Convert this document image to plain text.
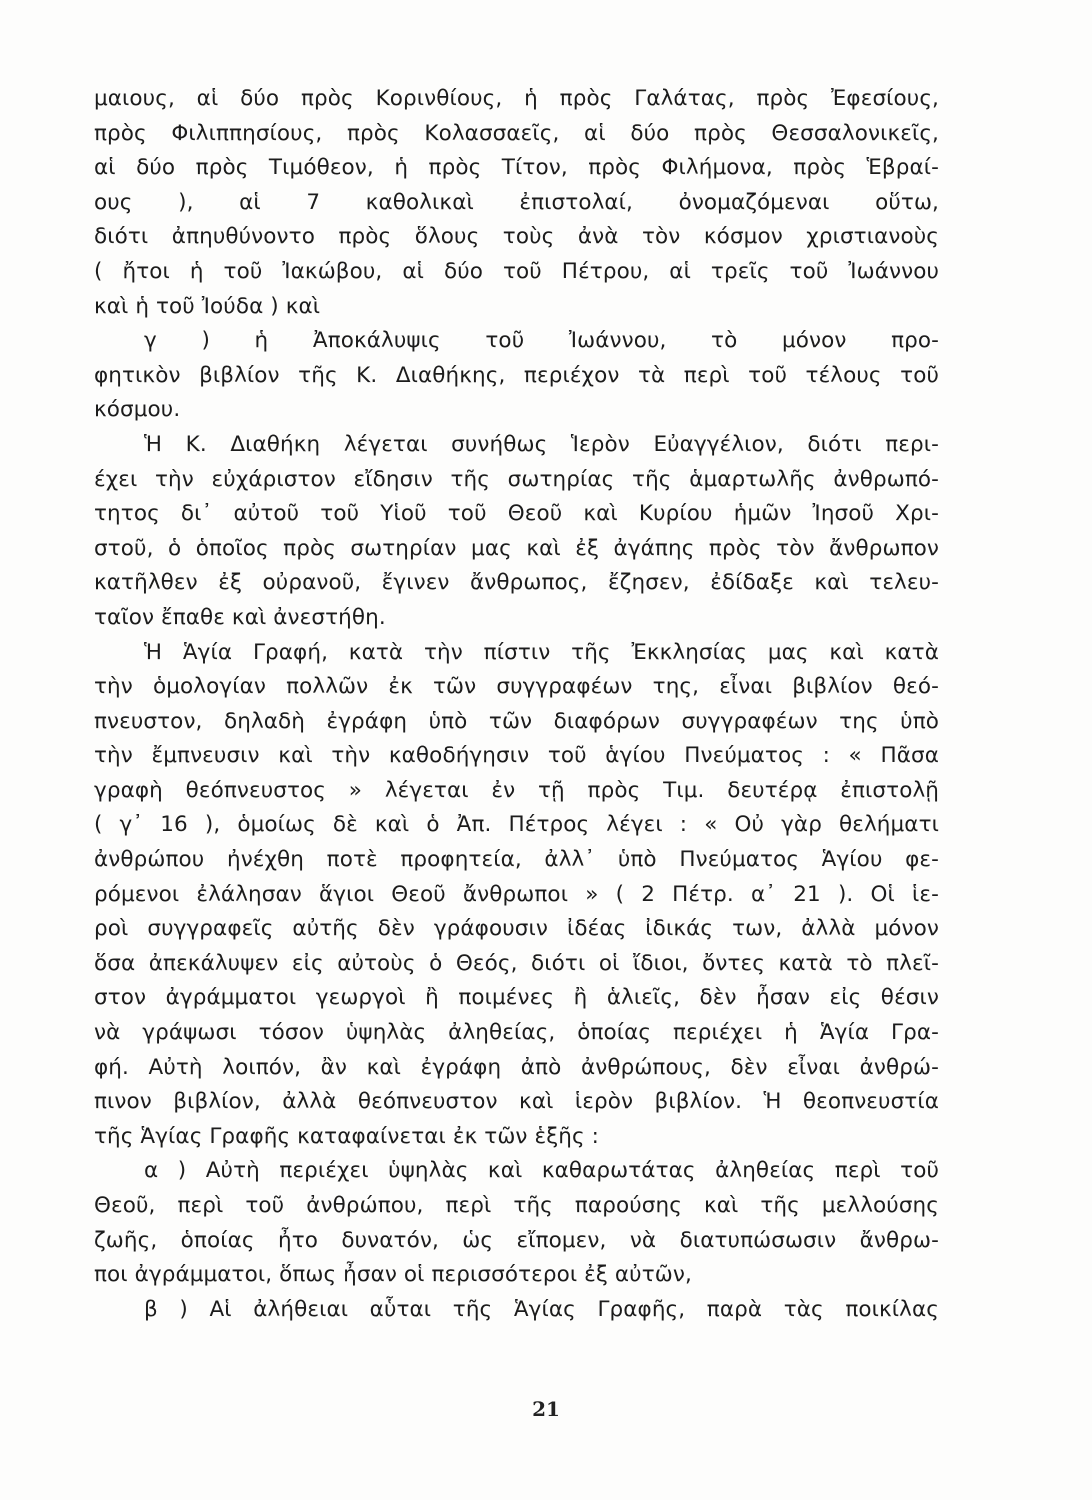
μαιους, αἱ δύο πρὸς Κορινθίους, ἡ πρὸς Γαλάτας, πρὸς Ἐφεσίους,
πρὸς Φιλιππησίους, πρὸς Κολασσαεῖς, αἱ δύο πρὸς Θεσσαλονικεῖς,
αἱ δύο πρὸς Τιμόθεον, ἡ πρὸς Τίτον, πρὸς Φιλήμονα, πρὸς Ἑβραί-
ους ), αἱ 7 καθολικαὶ ἐπιστολαί, ὀνομαζόμεναι οὕτω,
διότι ἀπηυθύνοντο πρὸς ὅλους τοὺς ἀνὰ τὸν κόσμον χριστιανοὺς
( ἤτοι ἡ τοῦ Ἰακώβου, αἱ δύο τοῦ Πέτρου, αἱ τρεῖς τοῦ Ἰωάννου
καὶ ἡ τοῦ Ἰούδα ) καὶ
γ ) ἡ Ἀποκάλυψις τοῦ Ἰωάννου, τὸ μόνον προ-
φητικὸν βιβλίον τῆς Κ. Διαθήκης, περιέχον τὰ περὶ τοῦ τέλους τοῦ
κόσμου.
Ἡ Κ. Διαθήκη λέγεται συνήθως Ἱερὸν Εὐαγγέλιον, διότι περι-
έχει τὴν εὐχάριστον εἴδησιν τῆς σωτηρίας τῆς ἁμαρτωλῆς ἀνθρωπό-
τητος δι᾽ αὐτοῦ τοῦ Υἱοῦ τοῦ Θεοῦ καὶ Κυρίου ἡμῶν Ἰησοῦ Χρι-
στοῦ, ὁ ὁποῖος πρὸς σωτηρίαν μας καὶ ἐξ ἀγάπης πρὸς τὸν ἄνθρωπον
κατῆλθεν ἐξ οὐρανοῦ, ἔγινεν ἄνθρωπος, ἔζησεν, ἐδίδαξε καὶ τελευ-
ταῖον ἔπαθε καὶ ἀνεστήθη.
Ἡ Ἁγία Γραφή, κατὰ τὴν πίστιν τῆς Ἐκκλησίας μας καὶ κατὰ
τὴν ὁμολογίαν πολλῶν ἐκ τῶν συγγραφέων της, εἶναι βιβλίον θεό-
πνευστον, δηλαδὴ ἐγράφη ὑπὸ τῶν διαφόρων συγγραφέων της ὑπὸ
τὴν ἔμπνευσιν καὶ τὴν καθοδήγησιν τοῦ ἁγίου Πνεύματος : « Πᾶσα
γραφὴ θεόπνευστος » λέγεται ἐν τῇ πρὸς Τιμ. δευτέρᾳ ἐπιστολῇ
( γ᾽ 16 ), ὁμοίως δὲ καὶ ὁ Ἀπ. Πέτρος λέγει : « Οὐ γὰρ θελήματι
ἀνθρώπου ἠνέχθη ποτὲ προφητεία, ἀλλ᾽ ὑπὸ Πνεύματος Ἁγίου φε-
ρόμενοι ἐλάλησαν ἅγιοι Θεοῦ ἄνθρωποι » ( 2 Πέτρ. α᾽ 21 ). Οἱ ἱε-
ροὶ συγγραφεῖς αὐτῆς δὲν γράφουσιν ἰδέας ἰδικάς των, ἀλλὰ μόνον
ὅσα ἀπεκάλυψεν εἰς αὐτοὺς ὁ Θεός, διότι οἱ ἴδιοι, ὄντες κατὰ τὸ πλεῖ-
στον ἀγράμματοι γεωργοὶ ἢ ποιμένες ἢ ἁλιεῖς, δὲν ἦσαν εἰς θέσιν
νὰ γράψωσι τόσον ὑψηλὰς ἀληθείας, ὁποίας περιέχει ἡ Ἁγία Γρα-
φή. Αὐτὴ λοιπόν, ἂν καὶ ἐγράφη ἀπὸ ἀνθρώπους, δὲν εἶναι ἀνθρώ-
πινον βιβλίον, ἀλλὰ θεόπνευστον καὶ ἱερὸν βιβλίον. Ἡ θεοπνευστία
τῆς Ἁγίας Γραφῆς καταφαίνεται ἐκ τῶν ἑξῆς :
α ) Αὐτὴ περιέχει ὑψηλὰς καὶ καθαρωτάτας ἀληθείας περὶ τοῦ
Θεοῦ, περὶ τοῦ ἀνθρώπου, περὶ τῆς παρούσης καὶ τῆς μελλούσης
ζωῆς, ὁποίας ἦτο δυνατόν, ὡς εἴπομεν, νὰ διατυπώσωσιν ἄνθρω-
ποι ἀγράμματοι, ὅπως ἦσαν οἱ περισσότεροι ἐξ αὐτῶν,
β ) Αἱ ἀλήθειαι αὗται τῆς Ἁγίας Γραφῆς, παρὰ τὰς ποικίλας
21
